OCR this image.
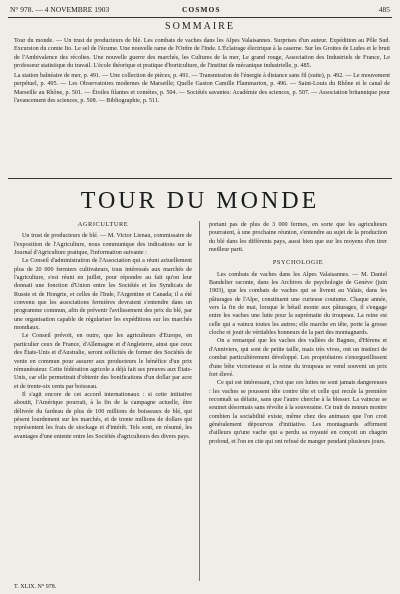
N° 978. — 4 NOVEMBRE 1903	COSMOS	485
SOMMAIRE

Tour du monde. — Un trust de producteurs de blé. Les combats de vaches dans les Alpes Valaisannes. Surprises d'un auteur. Expédition au Pôle Sud. Excursion du comte Ito. Le sel de l'écume. Une nouvelle rame de l'Ordre de l'Inde. L'Éclairage électrique à la caserne. Sur les Grottes de Ludes et le bruit de l'Ambivalence des récoltes. Une nouvelle guerre des marchés, les Cultures de la mer, Le grand rouge, Association des Industriels de France, Le professeur statistique du travail. L'école théorique et pratique d'horticulture, de l'institut de mécanique industrielle, p. 485.

La station balnéaire de mer, p. 491. — Une collection de pièces, p. 491. — Transmission de l'énergie à distance sans fil (suite), p. 492. — Le mouvement perpétuel, p. 495. — Les Observatoires modernes de Marseille; Quelle Gaston Camille Flammarion, p. 496. — Saint-Louis du Rhône et le canal de Marseille au Rhône, p. 501. — Étoiles filantes et comètes, p. 504. — Sociétés savantes: Académie des sciences, p. 507. — Association britannique pour l'avancement des sciences, p. 508. — Bibliographie, p. 511.

TOUR DU MONDE
AGRICULTURE

Un trust de producteurs de blé. — M. Victor Lienau, commissaire de l'exposition de l'Agriculture, nous communique des indications sur le Journal d'Agriculture pratique, l'information suivante :

Le Conseil d'administration de l'Association qui a réuni actuellement plus de 20 000 fermiers cultivateurs, tous intéressés aux marchés de l'agriculture, s'est réuni en juillet, pour répondre au fait qu'on leur donnait une fonction d'Union entre les Sociétés et les Syndicats de Russie et de Hongrie, et celles de l'Inde, l'Argentine et Canada; il a été convenu que les associations fermières devraient s'entendre dans un programme commun, afin de prévenir l'avilissement des prix du blé, par une organisation capable de régulariser les expéditions sur les marchés mondiaux.

Le Conseil prévoit, en outre, que les agriculteurs d'Europe, en particulier ceux de France, d'Allemagne et d'Angleterre, ainsi que ceux des États-Unis et d'Australie, seront sollicités de former des Sociétés de vente en commun pour assurer aux producteurs le bénéfice d'un prix rémunérateur. Cette fédération agricole a déjà fait ses preuves aux États-Unis, car elle permettrait d'obtenir des bonifications d'un dollar par acre et de trente-six cents par boisseau.

Il s'agit encore de cet accord internationaux : si cette initiative aboutit, l'Amérique pourrait, à la fin de la campagne actuelle, être délivrée du fardeau de plus de 100 millions de boisseaux de blé, qui pèsent lourdement sur les marchés, et de trente millions de dollars qui représentent les frais de stockage et d'intérêt. Tels sont, en résumé, les avantages d'une entente entre les Sociétés d'agriculteurs des divers pays.

portant pas de plus de 3 000 fermes, en sorte que les agriculteurs pourraient, à une prochaine réunion, s'entendre au sujet de la production du blé dans les différents pays, aussi bien que sur les moyens d'en tirer meilleur parti.

PSYCHOLOGIE

Les combats de vaches dans les Alpes Valaisannes. — M. Daniel Bandelier raconte, dans les Archives de psychologie de Genève (juin 1903), que les combats de vaches qui se livrent au Valais, dans les pâturages de l'Alpe, constituent une curieuse coutume. Chaque année, vers la fin de mai, lorsque le bétail monte aux pâturages, il s'engage entre les vaches une lutte pour la suprématie du troupeau. La reine est celle qui a vaincu toutes les autres; elle marche en tête, porte la grosse cloche et jouit de véritables honneurs de la part des montagnards.

On a remarqué que les vaches des vallées de Bagnes, d'Hérens et d'Anniviers, qui sont de petite taille, mais très vives, ont un instinct de combat particulièrement développé. Les propriétaires s'enorgueillissent d'une bête victorieuse et la reine du troupeau se vend souvent un prix fort élevé.

Ce qui est intéressant, c'est que ces luttes ne sont jamais dangereuses : les vaches se poussent tête contre tête et celle qui recule la première reconnaît sa défaite, sans que l'autre cherche à la blesser. La vaincue se soumet désormais sans révolte à la souveraine. Ce trait de mœurs montre combien la sociabilité existe, même chez des animaux que l'on croit généralement dépourvus d'initiative. Les montagnards affirment d'ailleurs qu'une vache qui a perdu sa royauté en conçoit un chagrin profond, et l'on en cite qui ont refusé de manger pendant plusieurs jours.

T. XLIX. N° 978.
